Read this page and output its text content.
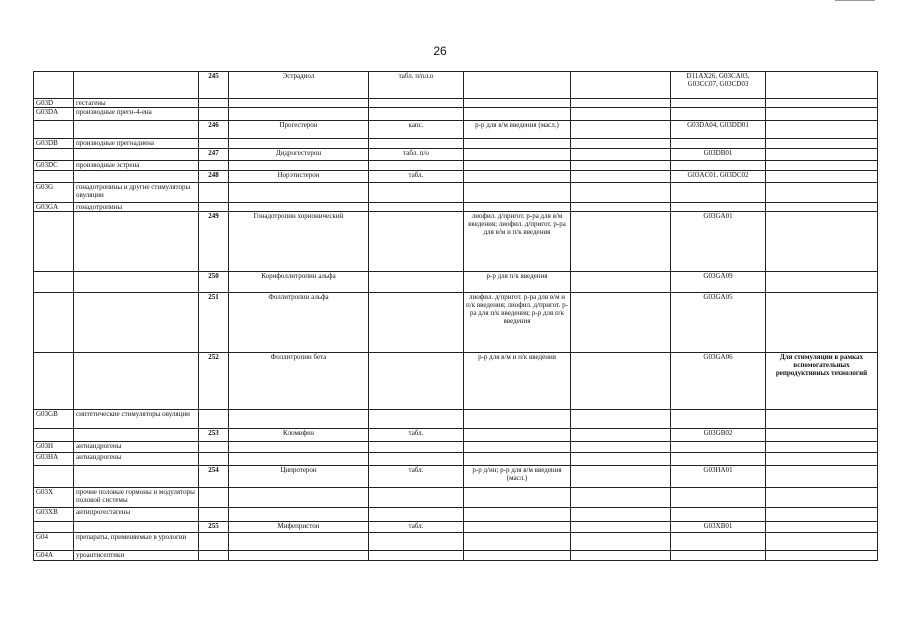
26
		245	Эстрадиол	табл. п/пл.о			D11AX26, G03CA03, G03CC07, G03CD03	
G03D	гестагены							
G03DA	производные прегн-4-ена							
		246	Прогестерон	капс.	р-р для в/м введения (масл.)		G03DA04, G03DD01	
G03DB	производные прегнадиена							
		247	Дидрогестерон	табл. п/о			G03DB01	
G03DC	производные эстрена							
		248	Норэтистерон	табл.			G03AC01, G03DC02	
G03G	гонадотропины и другие стимуляторы овуляции							
G03GA	гонадотропины							
		249	Гонадотропин хорионический		лиофил. д/пригот. р-ра для в/м введения; лиофил. д/пригот. р-ра для в/м и п/к введения		G03GA01	
		250	Корифоллитропин альфа		р-р для п/к введения		G03GA09	
		251	Фоллитропин альфа		лиофил. д/пригот. р-ра для в/м и п/к введения; лиофил. д/пригот. р-ра для п/к введения; р-р для п/к введения		G03GA05	
		252	Фоллитропин бета		р-р для в/м и п/к введения		G03GA06	Для стимуляции в рамках вспомогательных репродуктивных технологий
G03GB	синтетические стимуляторы овуляции							
		253	Кломифен	табл.			G03GB02	
G03H	антиандрогены							
G03HA	антиандрогены							
		254	Ципротерон	табл.	р-р д/ин; р-р для в/м введения (масл.)		G03HA01	
G03X	прочие половые гормоны и модуляторы половой системы							
G03XB	антипрогестагены							
		255	Мифепристон	табл.			G03XB01	
G04	препараты, применяемые в урологии							
G04A	уроантисептики							
